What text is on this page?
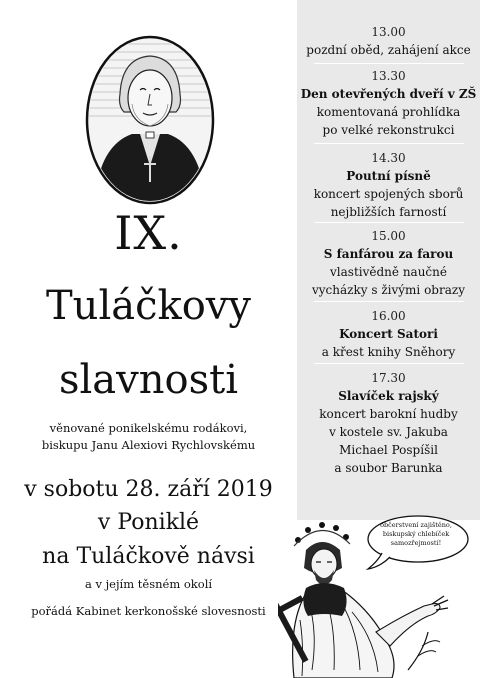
IX.
Tuláčkovy
slavnosti
věnované ponikelskému rodákovi,
biskupu Janu Alexiovi Rychlovskému
v sobotu 28. září 2019
v Poniklé
na Tuláčkově návsi
a v jejím těsném okolí
pořádá Kabinet kerkonošské slovesnosti
13.00
pozdní oběd, zahájení akce
13.30
Den otevřených dveří v ZŠ
komentovaná prohlídka
po velké rekonstrukci
14.30
Poutní písně
koncert spojených sborů
nejbližších farností
15.00
S fanfárou za farou
vlastivědně naučné
vycházky s živými obrazy
16.00
Koncert Satori
a křest knihy Sněhory
17.30
Slavíček rajský
koncert barokní hudby
v kostele sv. Jakuba
Michael Pospíšil
a soubor Barunka
občerstvení zajištěno,
biskupský chlebíček
samozřejmostí!
